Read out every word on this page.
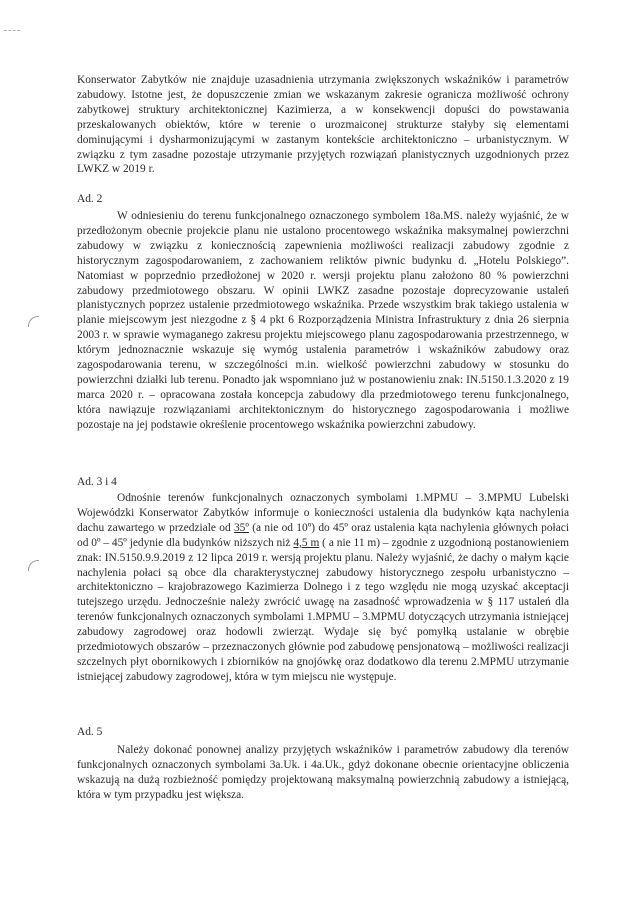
Konserwator Zabytków nie znajduje uzasadnienia utrzymania zwiększonych wskaźników i parametrów zabudowy. Istotne jest, że dopuszczenie zmian we wskazanym zakresie ogranicza możliwość ochrony zabytkowej struktury architektonicznej Kazimierza, a w konsekwencji dopuści do powstawania przeskalowanych obiektów, które w terenie o urozmaiconej strukturze stałyby się elementami dominującymi i dysharmonizującymi w zastanym kontekście architektoniczno – urbanistycznym. W związku z tym zasadne pozostaje utrzymanie przyjętych rozwiązań planistycznych uzgodnionych przez LWKZ w 2019 r.

Ad. 2

W odniesieniu do terenu funkcjonalnego oznaczonego symbolem 18a.MS. należy wyjaśnić, że w przedłożonym obecnie projekcie planu nie ustalono procentowego wskaźnika maksymalnej powierzchni zabudowy w związku z koniecznością zapewnienia możliwości realizacji zabudowy zgodnie z historycznym zagospodarowaniem, z zachowaniem reliktów piwnic budynku d. „Hotelu Polskiego”. Natomiast w poprzednio przedłożonej w 2020 r. wersji projektu planu założono 80 % powierzchni zabudowy przedmiotowego obszaru. W opinii LWKZ zasadne pozostaje doprecyzowanie ustaleń planistycznych poprzez ustalenie przedmiotowego wskaźnika. Przede wszystkim brak takiego ustalenia w planie miejscowym jest niezgodne z § 4 pkt 6 Rozporządzenia Ministra Infrastruktury z dnia 26 sierpnia 2003 r. w sprawie wymaganego zakresu projektu miejscowego planu zagospodarowania przestrzennego, w którym jednoznacznie wskazuje się wymóg ustalenia parametrów i wskaźników zabudowy oraz zagospodarowania terenu, w szczególności m.in. wielkość powierzchni zabudowy w stosunku do powierzchni działki lub terenu. Ponadto jak wspomniano już w postanowieniu znak: IN.5150.1.3.2020 z 19 marca 2020 r. – opracowana została koncepcja zabudowy dla przedmiotowego terenu funkcjonalnego, która nawiązuje rozwiązaniami architektonicznym do historycznego zagospodarowania i możliwe pozostaje na jej podstawie określenie procentowego wskaźnika powierzchni zabudowy.

Ad. 3 i 4

Odnośnie terenów funkcjonalnych oznaczonych symbolami 1.MPMU – 3.MPMU Lubelski Wojewódzki Konserwator Zabytków informuje o konieczności ustalenia dla budynków kąta nachylenia dachu zawartego w przedziale od 35º (a nie od 10º) do 45º oraz ustalenia kąta nachylenia głównych połaci od 0º – 45º jedynie dla budynków niższych niż 4,5 m ( a nie 11 m) – zgodnie z uzgodnioną postanowieniem znak: IN.5150.9.9.2019 z 12 lipca 2019 r. wersją projektu planu. Należy wyjaśnić, że dachy o małym kącie nachylenia połaci są obce dla charakterystycznej zabudowy historycznego zespołu urbanistyczno – architektoniczno – krajobrazowego Kazimierza Dolnego i z tego względu nie mogą uzyskać akceptacji tutejszego urzędu. Jednocześnie należy zwrócić uwagę na zasadność wprowadzenia w § 117 ustaleń dla terenów funkcjonalnych oznaczonych symbolami 1.MPMU – 3.MPMU dotyczących utrzymania istniejącej zabudowy zagrodowej oraz hodowli zwierząt. Wydaje się być pomyłką ustalanie w obrębie przedmiotowych obszarów – przeznaczonych głównie pod zabudowę pensjonatową – możliwości realizacji szczelnych płyt obornikowych i zbiorników na gnojówkę oraz dodatkowo dla terenu 2.MPMU utrzymanie istniejącej zabudowy zagrodowej, która w tym miejscu nie występuje.

Ad. 5

Należy dokonać ponownej analizy przyjętych wskaźników i parametrów zabudowy dla terenów funkcjonalnych oznaczonych symbolami 3a.Uk. i 4a.Uk., gdyż dokonane obecnie orientacyjne obliczenia wskazują na dużą rozbieżność pomiędzy projektowaną maksymalną powierzchnią zabudowy a istniejącą, która w tym przypadku jest większa.
